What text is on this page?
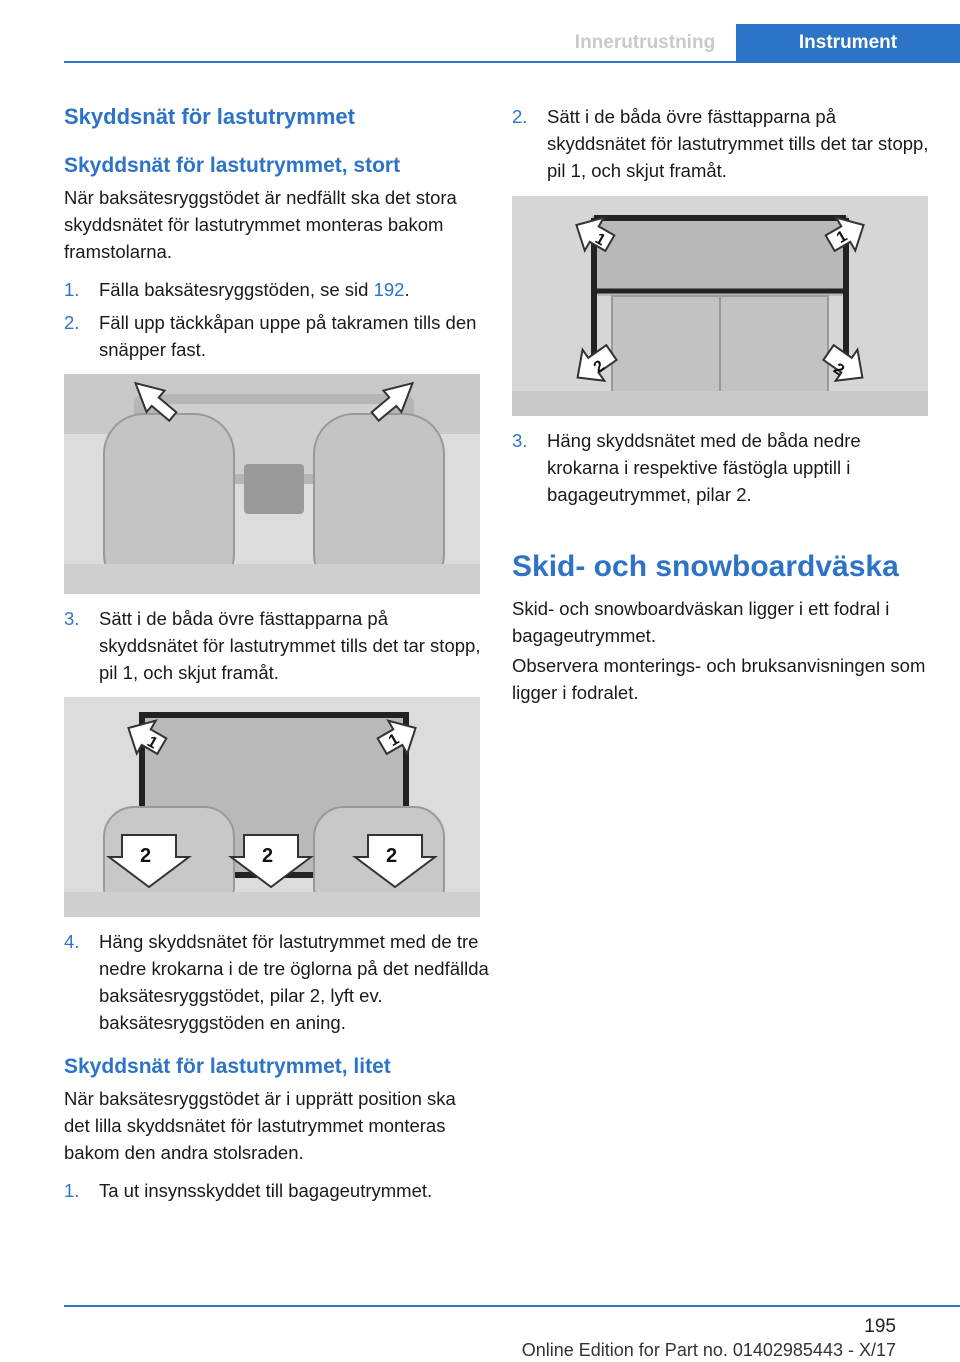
Innerutrustning	Instrument
Skyddsnät för lastutrymmet
Skyddsnät för lastutrymmet, stort

När baksätesryggstödet är nedfällt ska det stora skyddsnätet för lastutrymmet monteras bakom framstolarna.

1. Fälla baksätesryggstöden, se sid 192.
2. Fäll upp täckkåpan uppe på takramen tills den snäpper fast.
3. Sätt i de båda övre fästtapparna på skyddsnätet för lastutrymmet tills det tar stopp, pil 1, och skjut framåt.
1	1
2	2	2
4. Häng skyddsnätet för lastutrymmet med de tre nedre krokarna i de tre öglorna på det nedfällda baksätesryggstödet, pilar 2, lyft ev. baksätesryggstöden en aning.
Skyddsnät för lastutrymmet, litet

När baksätesryggstödet är i upprätt position ska det lilla skyddsnätet för lastutrymmet monteras bakom den andra stolsraden.

1. Ta ut insynsskyddet till bagageutrymmet.
2. Sätt i de båda övre fästtapparna på skyddsnätet för lastutrymmet tills det tar stopp, pil 1, och skjut framåt.
1	1
2	2
3. Häng skyddsnätet med de båda nedre krokarna i respektive fästögla upptill i bagageutrymmet, pilar 2.
Skid- och snowboardväska

Skid- och snowboardväskan ligger i ett fodral i bagageutrymmet.

Observera monterings- och bruksanvisningen som ligger i fodralet.

195
Online Edition for Part no. 01402985443 - X/17
